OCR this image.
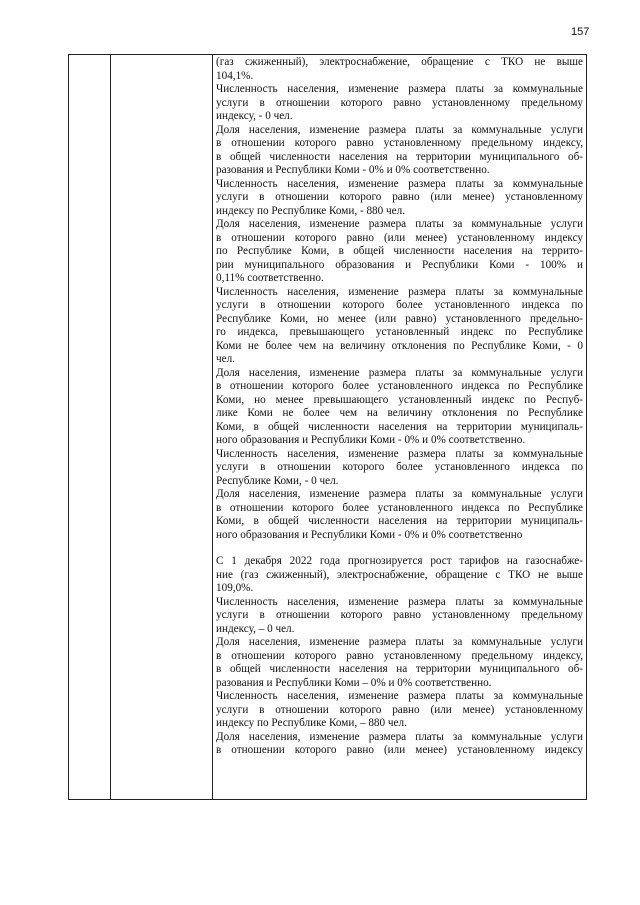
157
(газ сжиженный), электроснабжение, обращение с ТКО не выше
104,1%.
Численность населения, изменение размера платы за коммунальные
услуги в отношении которого равно установленному предельному
индексу, - 0 чел.
Доля населения, изменение размера платы за коммунальные услуги
в отношении которого равно установленному предельному индексу,
в общей численности населения на территории муниципального об-
разования и Республики Коми - 0% и 0% соответственно.
Численность населения, изменение размера платы за коммунальные
услуги в отношении которого равно (или менее) установленному
индексу по Республике Коми, - 880 чел.
Доля населения, изменение размера платы за коммунальные услуги
в отношении которого равно (или менее) установленному индексу
по Республике Коми, в общей численности населения на террито-
рии муниципального образования и Республики Коми - 100% и
0,11% соответственно.
Численность населения, изменение размера платы за коммунальные
услуги в отношении которого более установленного индекса по
Республике Коми, но менее (или равно) установленного предельно-
го индекса, превышающего установленный индекс по Республике
Коми не более чем на величину отклонения по Республике Коми, - 0
чел.
Доля населения, изменение размера платы за коммунальные услуги
в отношении которого более установленного индекса по Республике
Коми, но менее превышающего установленный индекс по Респуб-
лике Коми не более чем на величину отклонения по Республике
Коми, в общей численности населения на территории муниципаль-
ного образования и Республики Коми - 0% и 0% соответственно.
Численность населения, изменение размера платы за коммунальные
услуги в отношении которого более установленного индекса по
Республике Коми, - 0 чел.
Доля населения, изменение размера платы за коммунальные услуги
в отношении которого более установленного индекса по Республике
Коми, в общей численности населения на территории муниципаль-
ного образования и Республики Коми - 0% и 0% соответственно
С 1 декабря 2022 года прогнозируется рост тарифов на газоснабже-
ние (газ сжиженный), электроснабжение, обращение с ТКО не выше
109,0%.
Численность населения, изменение размера платы за коммунальные
услуги в отношении которого равно установленному предельному
индексу, – 0 чел.
Доля населения, изменение размера платы за коммунальные услуги
в отношении которого равно установленному предельному индексу,
в общей численности населения на территории муниципального об-
разования и Республики Коми – 0% и 0% соответственно.
Численность населения, изменение размера платы за коммунальные
услуги в отношении которого равно (или менее) установленному
индексу по Республике Коми, – 880 чел.
Доля населения, изменение размера платы за коммунальные услуги
в отношении которого равно (или менее) установленному индексу
